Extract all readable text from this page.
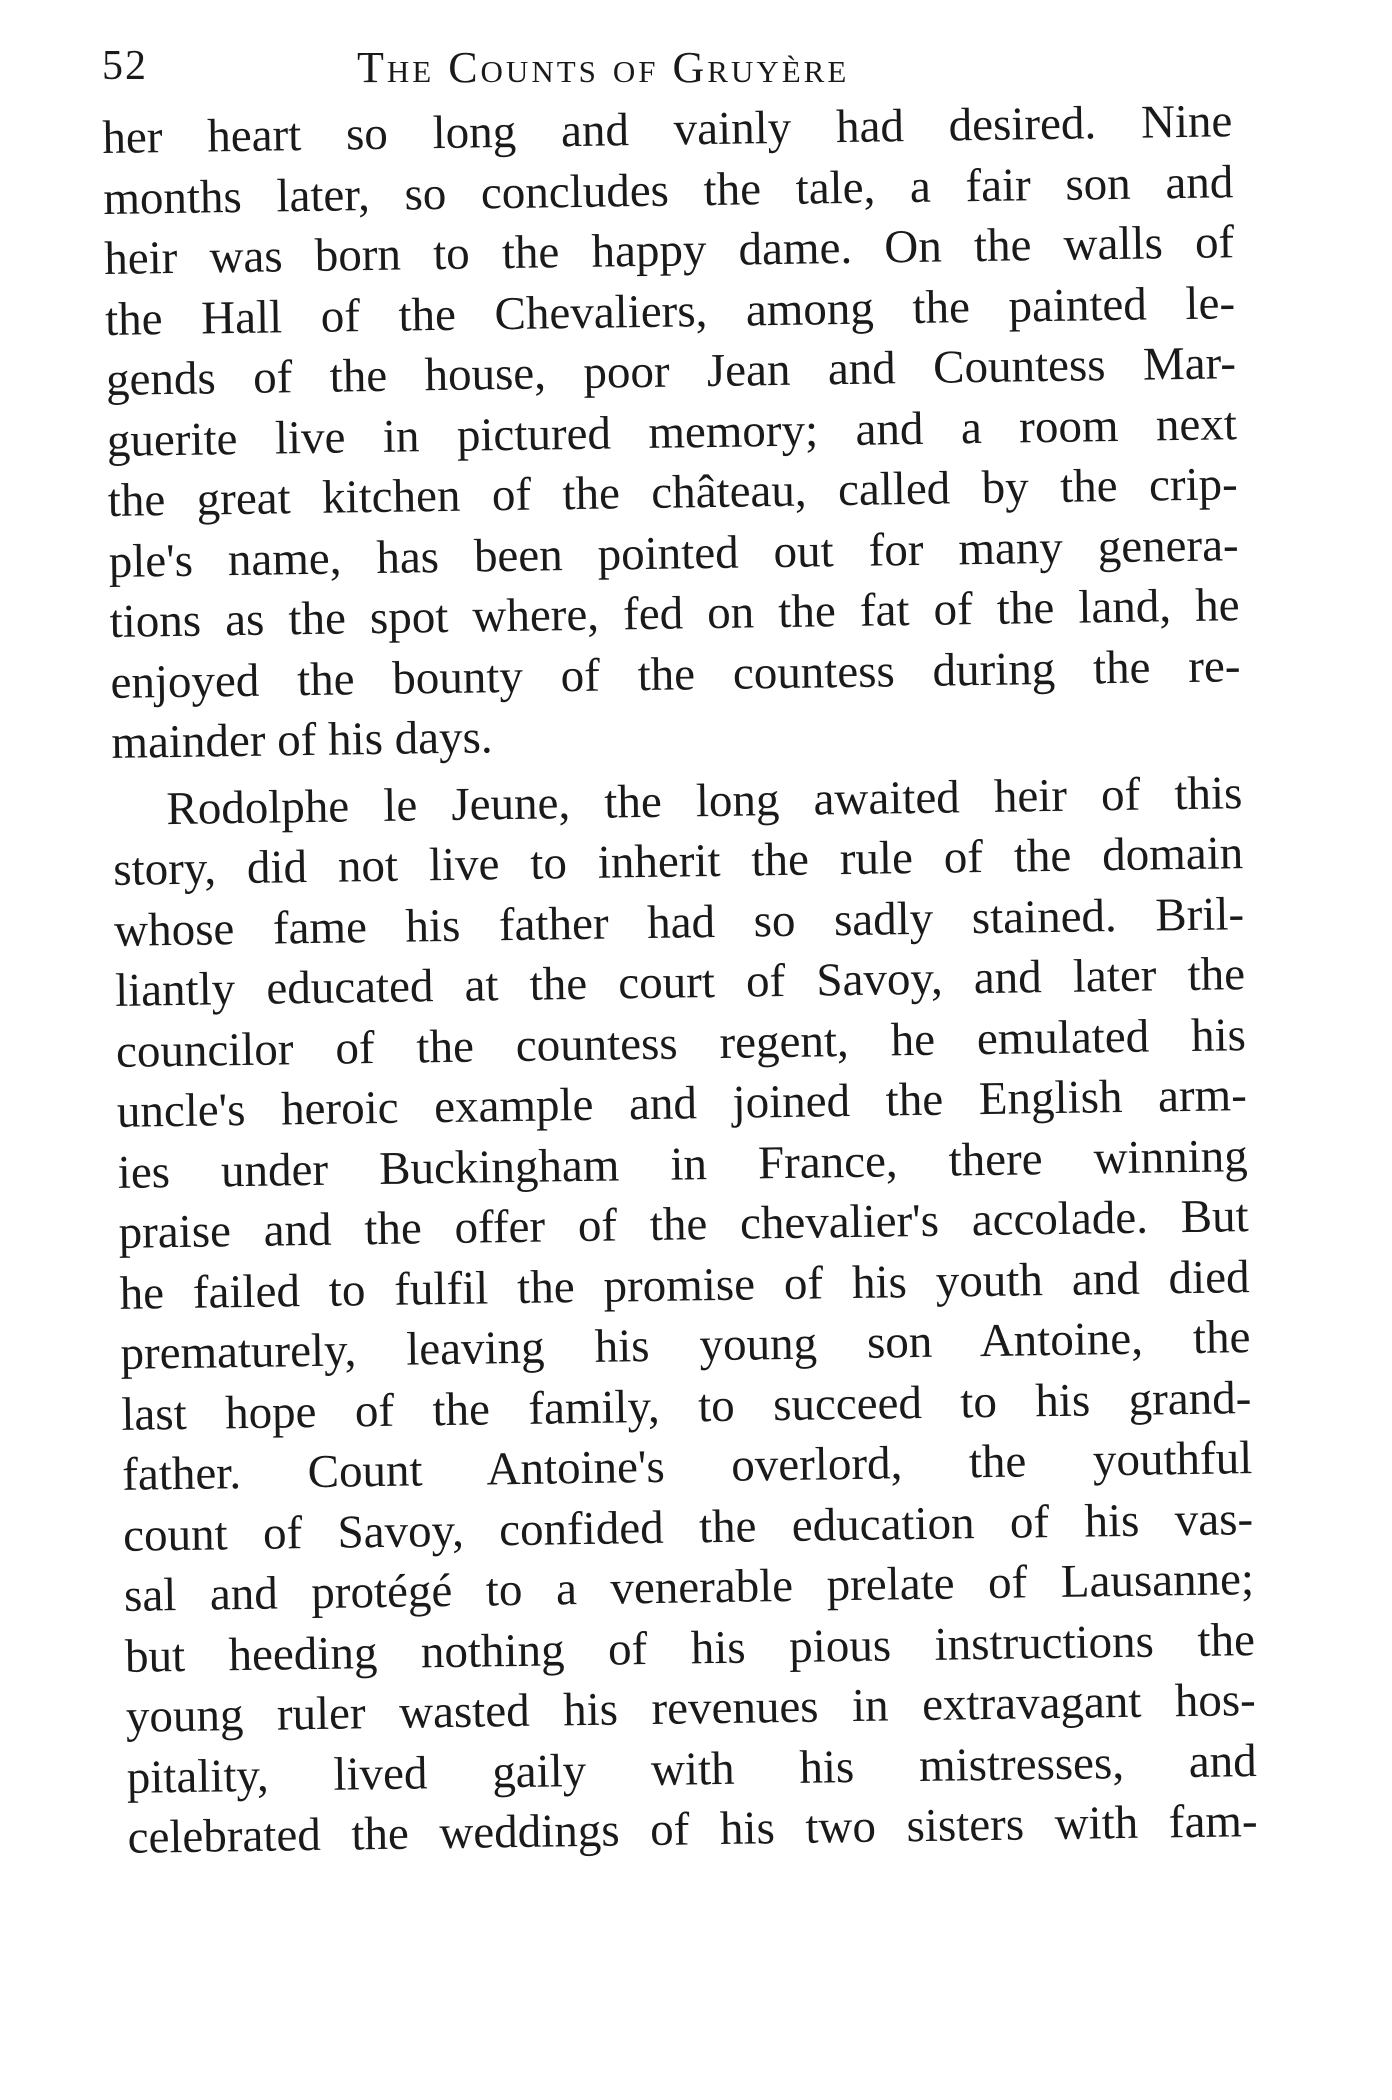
52	The Counts of Gruyère
her heart so long and vainly had desired. Nine
months later, so concludes the tale, a fair son and
heir was born to the happy dame. On the walls of
the Hall of the Chevaliers, among the painted le-
gends of the house, poor Jean and Countess Mar-
guerite live in pictured memory; and a room next
the great kitchen of the château, called by the crip-
ple's name, has been pointed out for many genera-
tions as the spot where, fed on the fat of the land, he
enjoyed the bounty of the countess during the re-
mainder of his days.
Rodolphe le Jeune, the long awaited heir of this
story, did not live to inherit the rule of the domain
whose fame his father had so sadly stained. Bril-
liantly educated at the court of Savoy, and later the
councilor of the countess regent, he emulated his
uncle's heroic example and joined the English arm-
ies under Buckingham in France, there winning
praise and the offer of the chevalier's accolade. But
he failed to fulfil the promise of his youth and died
prematurely, leaving his young son Antoine, the
last hope of the family, to succeed to his grand-
father. Count Antoine's overlord, the youthful
count of Savoy, confided the education of his vas-
sal and protégé to a venerable prelate of Lausanne;
but heeding nothing of his pious instructions the
young ruler wasted his revenues in extravagant hos-
pitality, lived gaily with his mistresses, and
celebrated the weddings of his two sisters with fam-
